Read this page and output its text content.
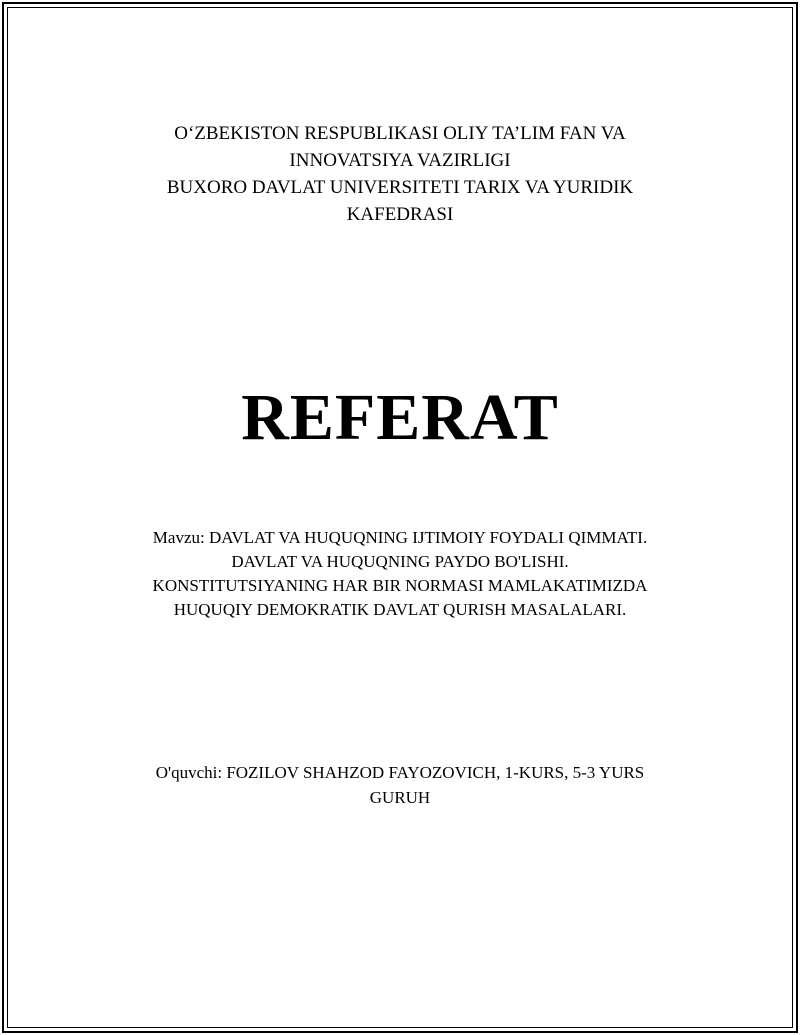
O‘ZBEKISTON RESPUBLIKASI OLIY TA’LIM FAN VA
INNOVATSIYA VAZIRLIGI
BUXORO DAVLAT UNIVERSITETI TARIX VA YURIDIK
KAFEDRASI
REFERAT
Mavzu: DAVLAT VA HUQUQNING IJTIMOIY FOYDALI QIMMATI.
DAVLAT VA HUQUQNING PAYDO BO'LISHI.
KONSTITUTSIYANING HAR BIR NORMASI MAMLAKATIMIZDA
HUQUQIY DEMOKRATIK DAVLAT QURISH MASALALARI.
O'quvchi: FOZILOV SHAHZOD FAYOZOVICH, 1-KURS, 5-3 YURS
GURUH
